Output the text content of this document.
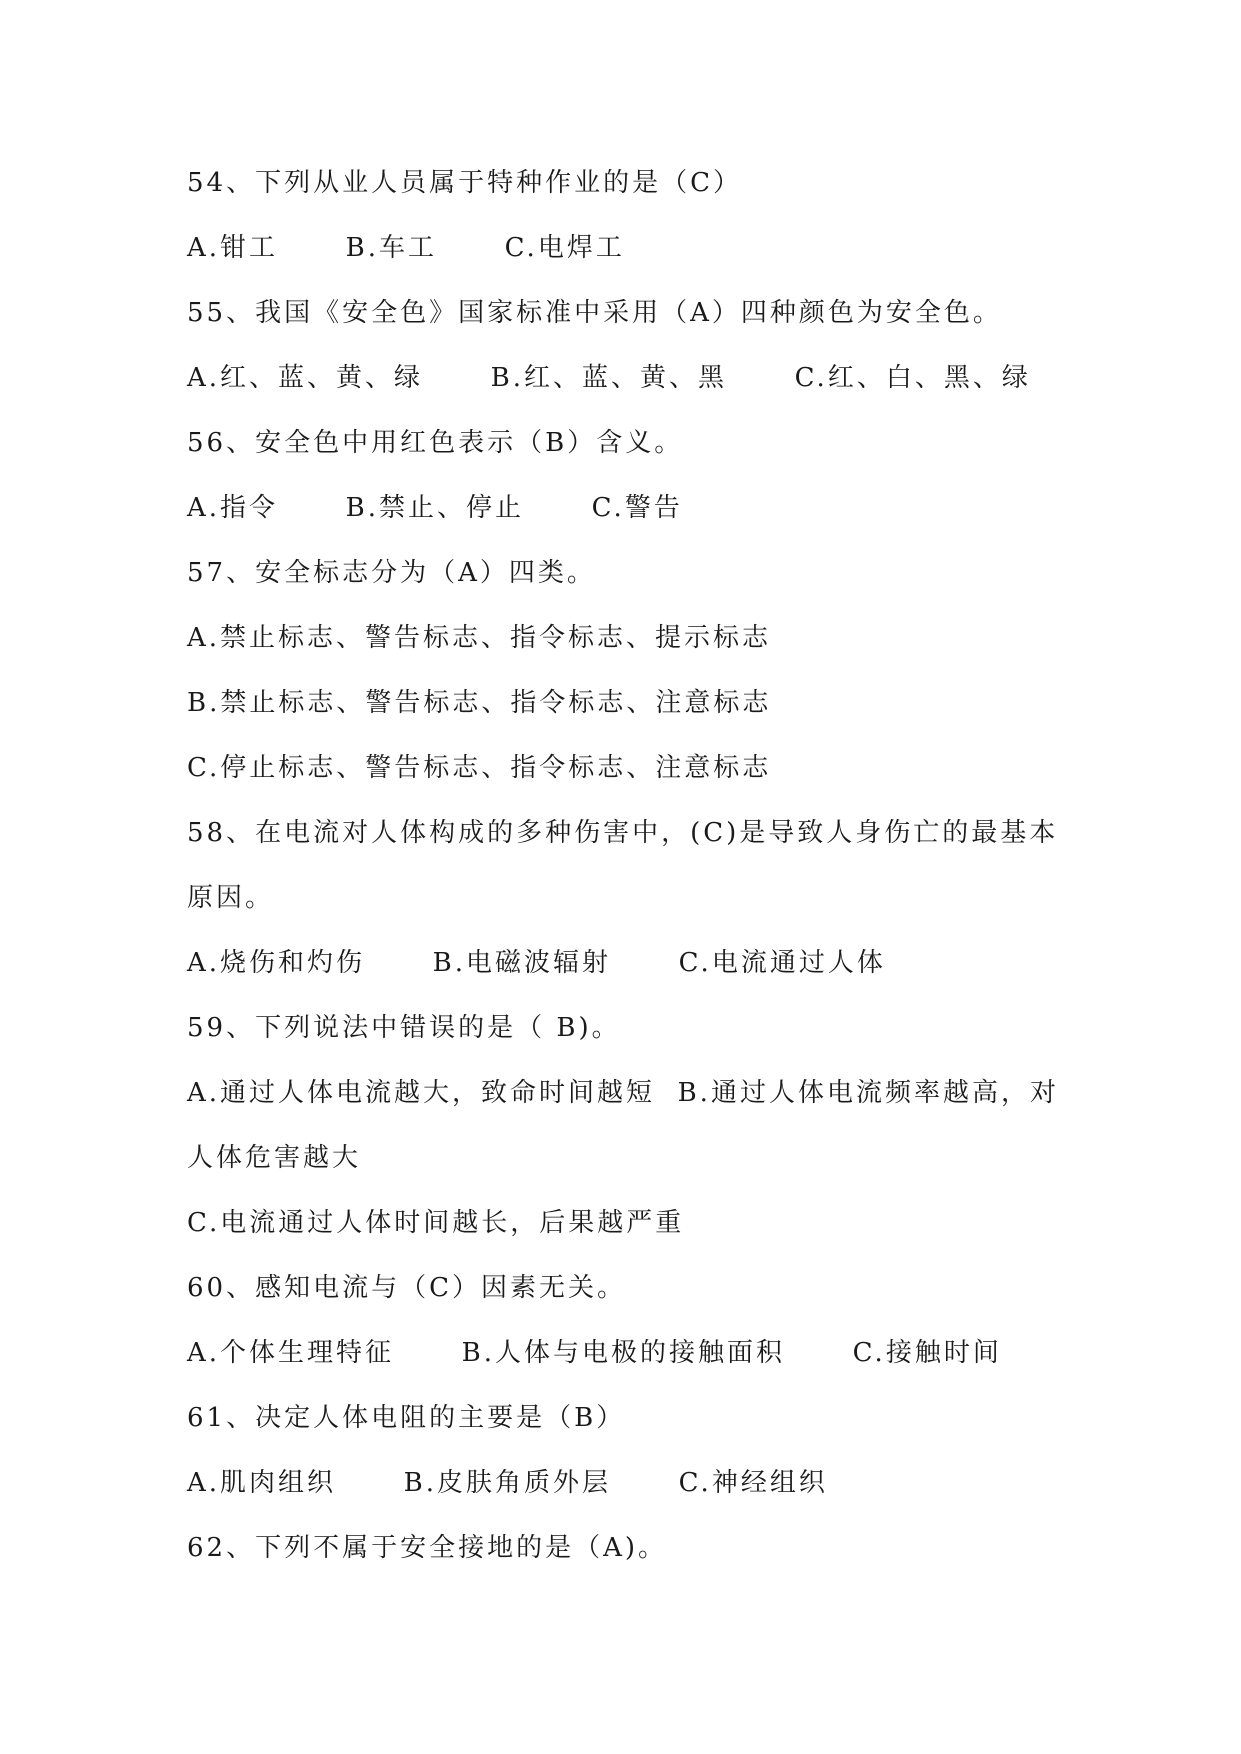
54、下列从业人员属于特种作业的是（C）
A.钳工      B.车工      C.电焊工
55、我国《安全色》国家标准中采用（A）四种颜色为安全色。
A.红、蓝、黄、绿      B.红、蓝、黄、黑      C.红、白、黑、绿
56、安全色中用红色表示（B）含义。
A.指令      B.禁止、停止      C.警告
57、安全标志分为（A）四类。
A.禁止标志、警告标志、指令标志、提示标志
B.禁止标志、警告标志、指令标志、注意标志
C.停止标志、警告标志、指令标志、注意标志
58、在电流对人体构成的多种伤害中，(C)是导致人身伤亡的最基本
原因。
A.烧伤和灼伤      B.电磁波辐射      C.电流通过人体
59、下列说法中错误的是（ B)。
A.通过人体电流越大，致命时间越短  B.通过人体电流频率越高，对
人体危害越大
C.电流通过人体时间越长，后果越严重
60、感知电流与（C）因素无关。
A.个体生理特征      B.人体与电极的接触面积      C.接触时间
61、决定人体电阻的主要是（B）
A.肌肉组织      B.皮肤角质外层      C.神经组织
62、下列不属于安全接地的是（A)。
